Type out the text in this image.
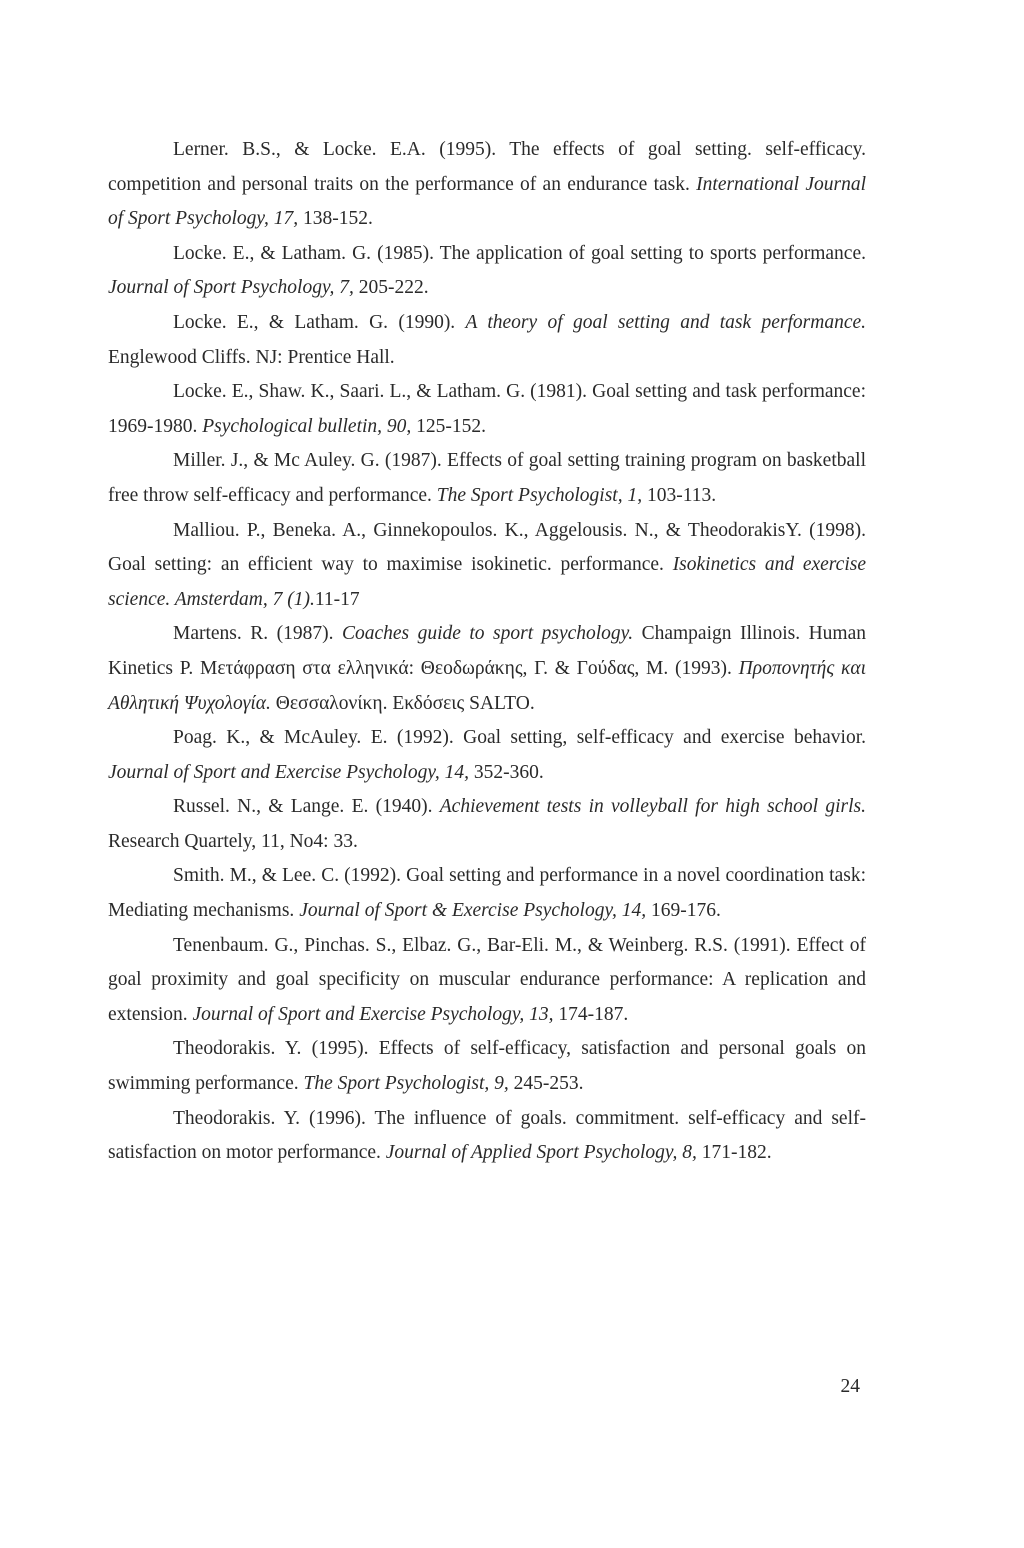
Lerner. B.S., & Locke. E.A. (1995). The effects of goal setting. self-efficacy. competition and personal traits on the performance of an endurance task. International Journal of Sport Psychology, 17, 138-152.

Locke. E., & Latham. G. (1985). The application of goal setting to sports performance. Journal of Sport Psychology, 7, 205-222.

Locke. E., & Latham. G. (1990). A theory of goal setting and task performance. Englewood Cliffs. NJ: Prentice Hall.

Locke. E., Shaw. K., Saari. L., & Latham. G. (1981). Goal setting and task performance: 1969-1980. Psychological bulletin, 90, 125-152.

Miller. J., & Mc Auley. G. (1987). Effects of goal setting training program on basketball free throw self-efficacy and performance. The Sport Psychologist, 1, 103-113.

Malliou. P., Beneka. A., Ginnekopoulos. K., Aggelousis. N., & TheodorakisY. (1998). Goal setting: an efficient way to maximise isokinetic. performance. Isokinetics and exercise science. Amsterdam, 7 (1).11-17

Martens. R. (1987). Coaches guide to sport psychology. Champaign Illinois. Human Kinetics P. Μετάφραση στα ελληνικά: Θεοδωράκης, Γ. & Γούδας, Μ. (1993). Προπονητής και Αθλητική Ψυχολογία. Θεσσαλονίκη. Εκδόσεις SALTO.

Poag. K., & McAuley. E. (1992). Goal setting, self-efficacy and exercise behavior. Journal of Sport and Exercise Psychology, 14, 352-360.

Russel. N., & Lange. E. (1940). Achievement tests in volleyball for high school girls. Research Quartely, 11, No4: 33.

Smith. M., & Lee. C. (1992). Goal setting and performance in a novel coordination task: Mediating mechanisms. Journal of Sport & Exercise Psychology, 14, 169-176.

Tenenbaum. G., Pinchas. S., Elbaz. G., Bar-Eli. M., & Weinberg. R.S. (1991). Effect of goal proximity and goal specificity on muscular endurance performance: A replication and extension. Journal of Sport and Exercise Psychology, 13, 174-187.

Theodorakis. Y. (1995). Effects of self-efficacy, satisfaction and personal goals on swimming performance. The Sport Psychologist, 9, 245-253.

Theodorakis. Y. (1996). The influence of goals. commitment. self-efficacy and self-satisfaction on motor performance. Journal of Applied Sport Psychology, 8, 171-182.

24
